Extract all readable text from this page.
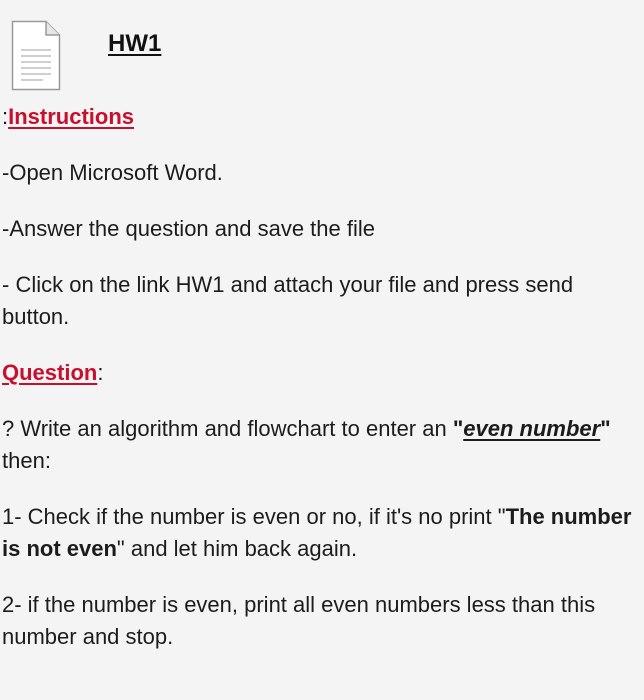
HW1

:Instructions

-Open Microsoft Word.

-Answer the question and save the file

- Click on the link HW1 and attach your file and press send button.

Question:

? Write an algorithm and flowchart to enter an "even number" then:

1- Check if the number is even or no, if it's no print "The number is not even" and let him back again.

2- if the number is even, print all even numbers less than this number and stop.
